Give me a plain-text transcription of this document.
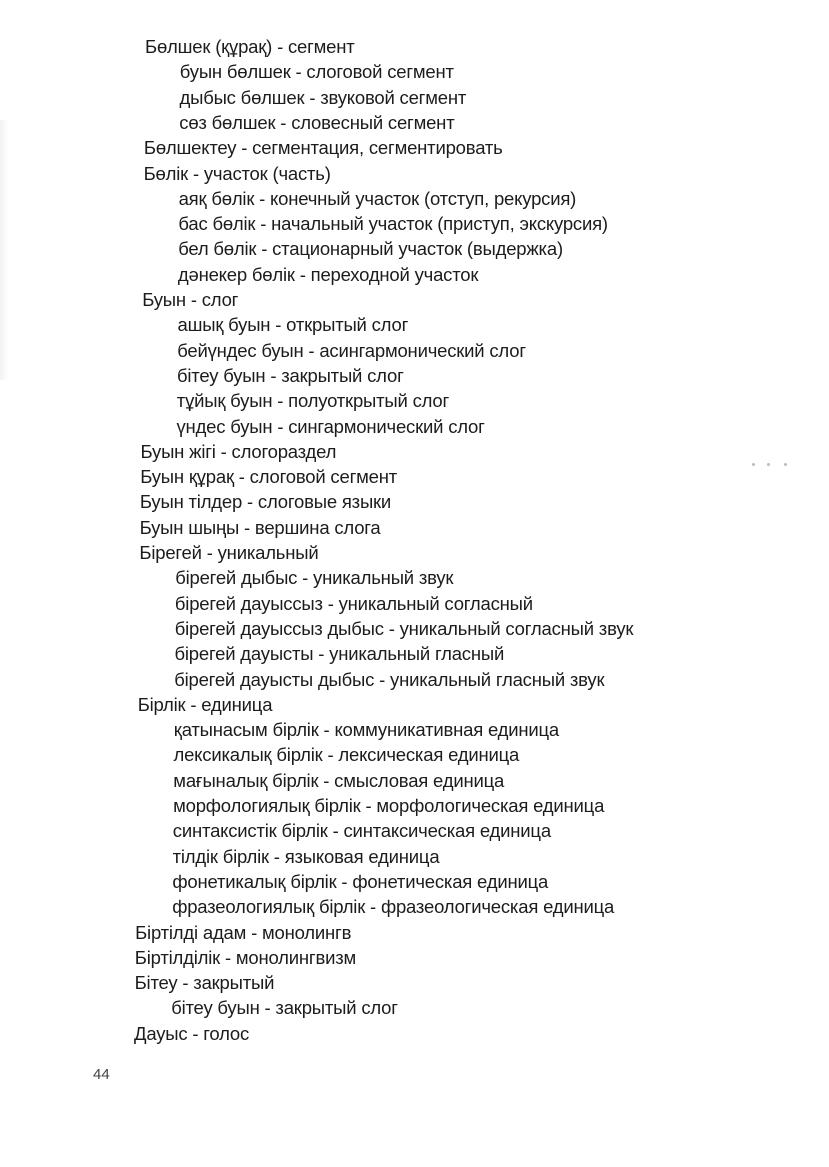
Бөлшек (құрақ) - сегмент
буын бөлшек - слоговой сегмент
дыбыс бөлшек - звуковой сегмент
сөз бөлшек - словесный сегмент
Бөлшектеу - сегментация, сегментировать
Бөлік - участок (часть)
аяқ бөлік - конечный участок (отступ, рекурсия)
бас бөлік - начальный участок (приступ, экскурсия)
бел бөлік - стационарный участок (выдержка)
дәнекер бөлік - переходной участок
Буын - слог
ашық буын - открытый слог
бейүндес буын - асингармонический слог
бітеу буын - закрытый слог
тұйық буын - полуоткрытый слог
үндес буын - сингармонический слог
Буын жігі - слогораздел
Буын құрақ - слоговой сегмент
Буын тілдер - слоговые языки
Буын шыңы - вершина слога
Бірегей - уникальный
бірегей дыбыс - уникальный звук
бірегей дауыссыз - уникальный согласный
бірегей дауыссыз дыбыс - уникальный согласный звук
бірегей дауысты - уникальный гласный
бірегей дауысты дыбыс - уникальный гласный звук
Бірлік - единица
қатынасым бірлік - коммуникативная единица
лексикалық бірлік - лексическая единица
мағыналық бірлік - смысловая единица
морфологиялық бірлік - морфологическая единица
синтаксистік бірлік - синтаксическая единица
тілдік бірлік - языковая единица
фонетикалық бірлік - фонетическая единица
фразеологиялық бірлік - фразеологическая единица
Біртілді адам - монолингв
Біртілділік - монолингвизм
Бітеу - закрытый
бітеу буын - закрытый слог
Дауыс - голос
44
